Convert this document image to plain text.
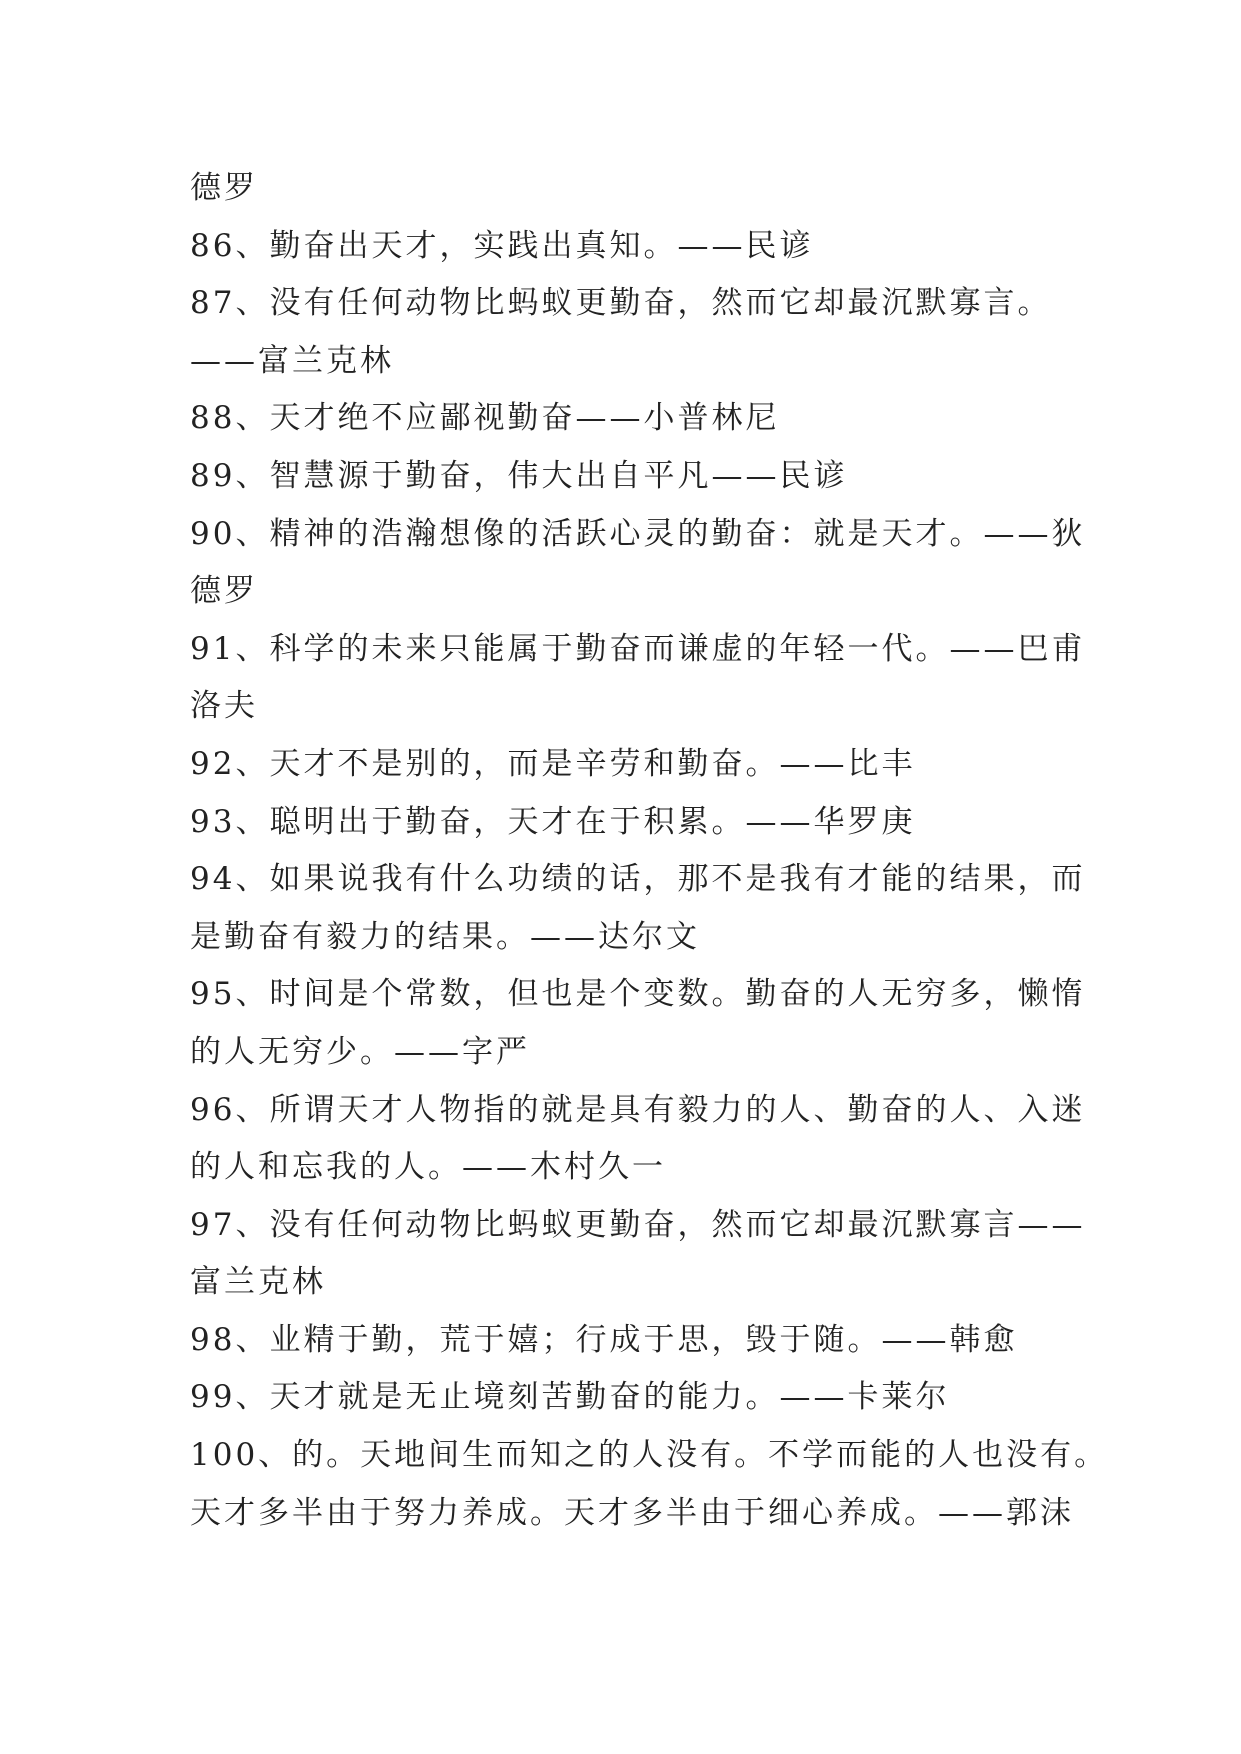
德罗
86、勤奋出天才，实践出真知。——民谚
87、没有任何动物比蚂蚁更勤奋，然而它却最沉默寡言。
——富兰克林
88、天才绝不应鄙视勤奋——小普林尼
89、智慧源于勤奋，伟大出自平凡——民谚
90、精神的浩瀚想像的活跃心灵的勤奋：就是天才。——狄
德罗
91、科学的未来只能属于勤奋而谦虚的年轻一代。——巴甫
洛夫
92、天才不是别的，而是辛劳和勤奋。——比丰
93、聪明出于勤奋，天才在于积累。——华罗庚
94、如果说我有什么功绩的话，那不是我有才能的结果，而
是勤奋有毅力的结果。——达尔文
95、时间是个常数，但也是个变数。勤奋的人无穷多，懒惰
的人无穷少。——字严
96、所谓天才人物指的就是具有毅力的人、勤奋的人、入迷
的人和忘我的人。——木村久一
97、没有任何动物比蚂蚁更勤奋，然而它却最沉默寡言——
富兰克林
98、业精于勤，荒于嬉；行成于思，毁于随。——韩愈
99、天才就是无止境刻苦勤奋的能力。——卡莱尔
100、的。天地间生而知之的人没有。不学而能的人也没有。
天才多半由于努力养成。天才多半由于细心养成。——郭沫
